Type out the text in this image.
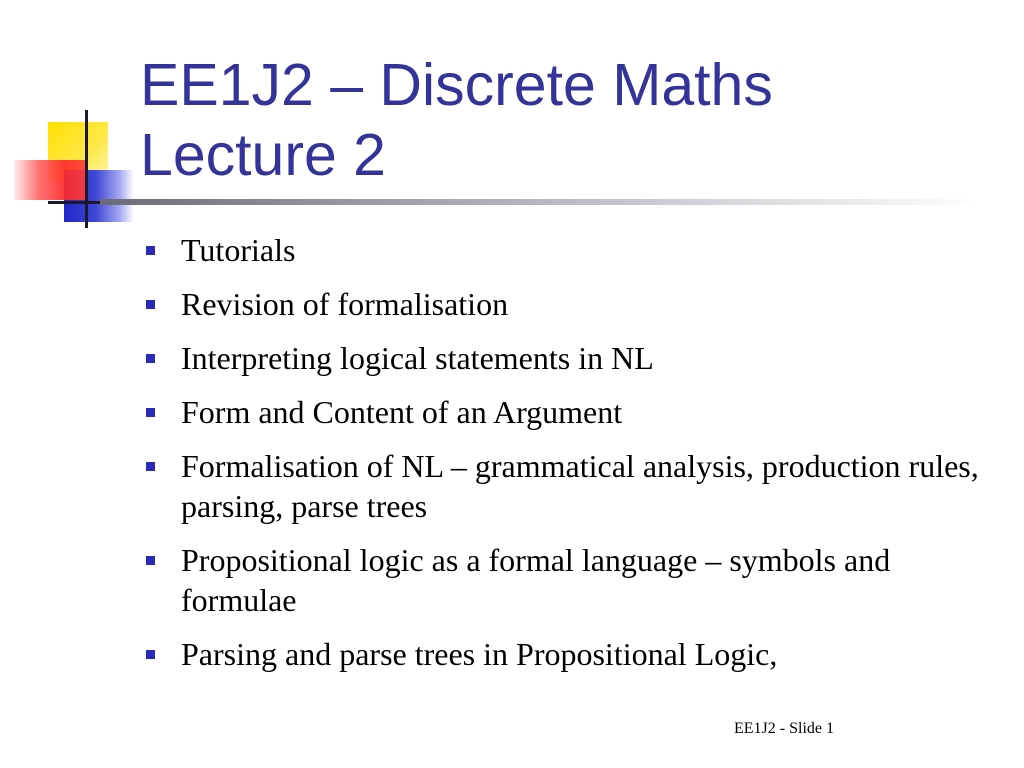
EE1J2 – Discrete Maths
Lecture 2
Tutorials
Revision of formalisation
Interpreting logical statements in NL
Form and Content of an Argument
Formalisation of NL – grammatical analysis, production rules, parsing, parse trees
Propositional logic as a formal language – symbols and formulae
Parsing and parse trees in Propositional Logic,
EE1J2 - Slide 1
